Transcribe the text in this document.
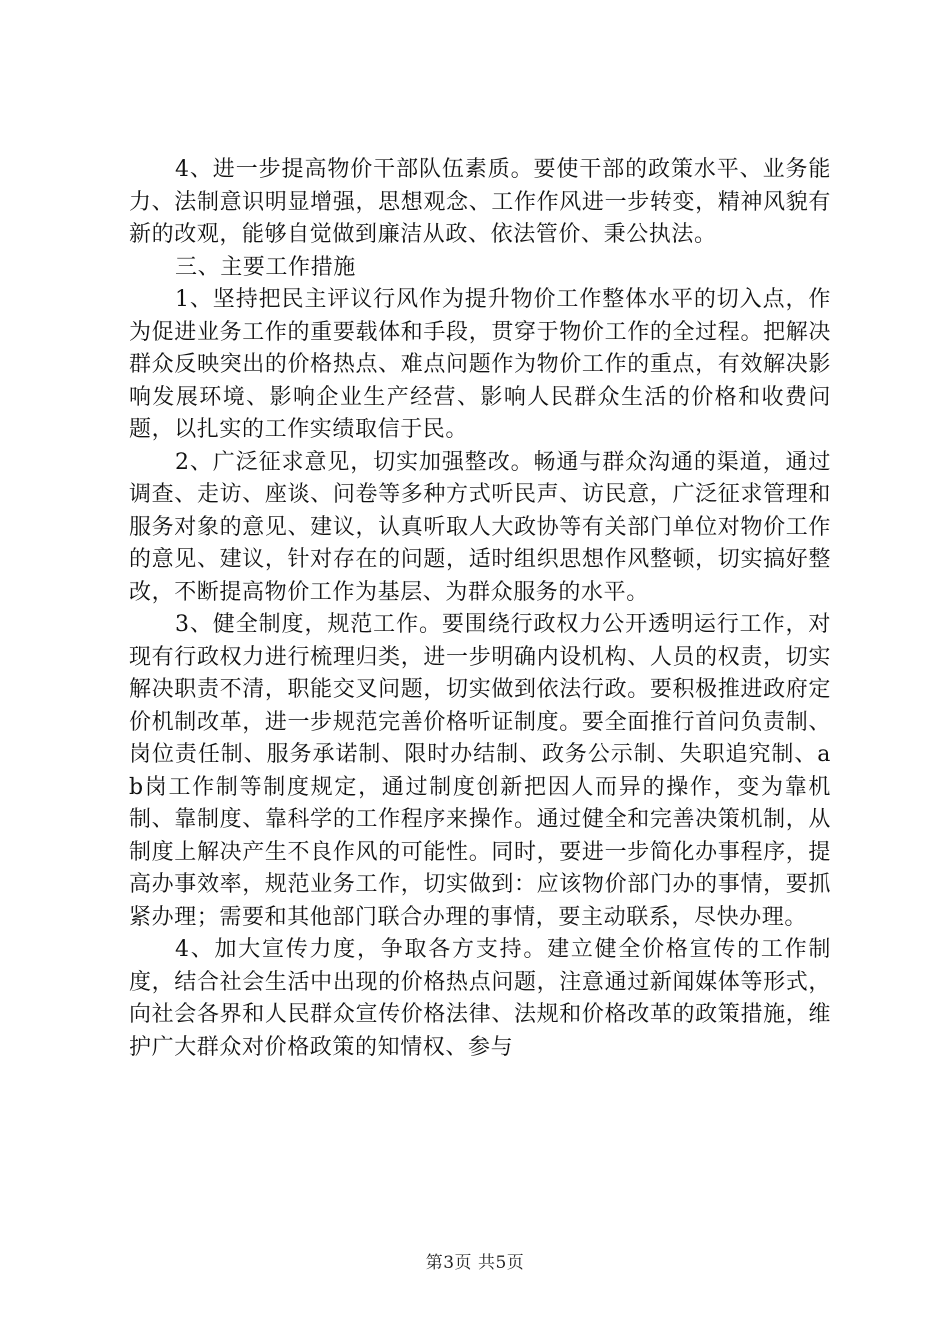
4、进一步提高物价干部队伍素质。要使干部的政策水平、业务能力、法制意识明显增强，思想观念、工作作风进一步转变，精神风貌有新的改观，能够自觉做到廉洁从政、依法管价、秉公执法。

三、主要工作措施

1、坚持把民主评议行风作为提升物价工作整体水平的切入点，作为促进业务工作的重要载体和手段，贯穿于物价工作的全过程。把解决群众反映突出的价格热点、难点问题作为物价工作的重点，有效解决影响发展环境、影响企业生产经营、影响人民群众生活的价格和收费问题，以扎实的工作实绩取信于民。

2、广泛征求意见，切实加强整改。畅通与群众沟通的渠道，通过调查、走访、座谈、问卷等多种方式听民声、访民意，广泛征求管理和服务对象的意见、建议，认真听取人大政协等有关部门单位对物价工作的意见、建议，针对存在的问题，适时组织思想作风整顿，切实搞好整改，不断提高物价工作为基层、为群众服务的水平。

3、健全制度，规范工作。要围绕行政权力公开透明运行工作，对现有行政权力进行梳理归类，进一步明确内设机构、人员的权责，切实解决职责不清，职能交叉问题，切实做到依法行政。要积极推进政府定价机制改革，进一步规范完善价格听证制度。要全面推行首问负责制、岗位责任制、服务承诺制、限时办结制、政务公示制、失职追究制、ab岗工作制等制度规定，通过制度创新把因人而异的操作，变为靠机制、靠制度、靠科学的工作程序来操作。通过健全和完善决策机制，从制度上解决产生不良作风的可能性。同时，要进一步简化办事程序，提高办事效率，规范业务工作，切实做到：应该物价部门办的事情，要抓紧办理；需要和其他部门联合办理的事情，要主动联系，尽快办理。

4、加大宣传力度，争取各方支持。建立健全价格宣传的工作制度，结合社会生活中出现的价格热点问题，注意通过新闻媒体等形式，向社会各界和人民群众宣传价格法律、法规和价格改革的政策措施，维护广大群众对价格政策的知情权、参与

第3页 共5页
